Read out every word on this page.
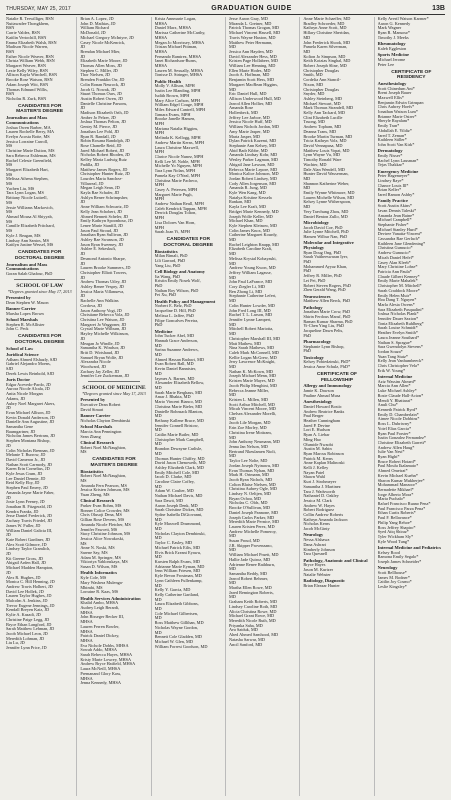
THURSDAY, MAY 25, 2017	GRADUATION GUIDE	13B
Natalie R. Terwilliger, BSN
Nuttawadee Thongkhem,
BSN
Carrie Valdez, BSN
Kaitlin Vertochill, BSN
Emma Elizabeth Walsh, BSN
Madison Nicole Warren,
BSN
Esther Nicole Weaver, BSN
Christa William Webb, BSN
Margaret Weaver, BSN
Lexie Kelly Wiley, BSN
Allison Kayla Winchell, BSN
Brooke Rose Watson, BSN
Adam Joseph Witt, BSN
Thomas Edmund Willis,
BSN
Nicholas R. Zurk, BSN
CANDIDATES FOR MASTER'S DEGREE
Journalism and Mass Communications
Joshua Owen Barber, MA
Lauren Rochelle Berry, MA
Evelyn Acosta Botte, MS
Jessica Lorraine Carroll,
MS
Christine Marie Dutton, MS
Sara Rebecca Eshleman, MS
Rachel Celeste Greenfield,
MS
Margaret Elizabeth Hart,
MS
Melissa Athena Stephen,
MS
Yuchen Liu, MS
Tara Lynn Logan, MS
Brittany Nicole Luttrell,
MS
Jessie Williams Markovich,
MS
Ahmad Mousa Al Shiyyab,
MS
Camille Elizabeth Pritchard,
MS
Kyle J. Reagan, MS
Lindsay Ann Santos, MS
Kaitlyn Justine Wessel, MS
CANDIDATES FOR DOCTORAL DEGREE
Journalism and Mass Communications
Goran Salah Ghafour, PhD
SCHOOL OF LAW
*Degrees granted since May 17, 2013
Presented by
Dean Stephen W. Mason
Banner Carrier
Marsha Lopex Brown
School Marshals
Stephen R. McAllister
John C. Peck
CANDIDATES FOR DOCTORAL DEGREE
School of Law
Juridical Science
Adham Ahmed Elshazly, SJD
Gabriel Alejandro Moens,
SJD
Derek Lewis Reinbold, SJD
Juris Doctor
Edgar Acevedo-Pardo, JD
Aurora Nicole Alcala, JD
Anita Nicole Morgan
Adams, JD
Aubry Noel Margaret Akers,
JD
Evan Michael Allison, JD
Kevin Donald Anderson, JD
Danielle Ann Augustine, JD
Samantha Gene
Baumgartner, JD
Nicholas James Bertram, JD
Stephen Montana Bishop,
JD
Colin Nicholas Brennan, JD
Melanie T. Burrow, JD
David Cameron Jr., JD
Nathan Scott Carmody, JD
Karen Erin Cornelius, JD
Kyle Jesus Crum, JD
Lee Daniel Dennie, JD
Reid Kelly Eby, JD
Stephen Paul Emery, JD
Amanda Jayne Marie Faber,
JD
Josie Lynn Feeney, JD
Jonathan B. Fitzgerald, JD
Kendra Franks, JD
Jesse Daniel Frederick, JD
Zachary Travis Friedel, JD
James W. Fuller, JD
William Daniel Galicia III,
JD
Kate Robert Gardiner, JD
Alex Scott Gilmore, JD
Lindsey Taylor Gramlich,
JD
Kit Greene Gross, JD
Abigail Arden Hall, JD
Michael Madden Hampton,
JD
Alex R. Hughes, JD
Monica C. Hill Henning, JD
Andrew Travis Holbert, JD
David Lee Hollek, JD
Lauren Taylor Hughes, JD
Malcolm A. Jenkins, JD
Trevor Eugene Jennings, JD
Kendall Breyen Kaiz, JD
Kylie A. Kazadi, JD
Christine Paige Legg, JD
Bryce Ethan Langford, JD
Sarah Matthew Lehman, JD
Jacob Michael Leon, JD
Meredith Lohman, JD
Liu Lu, JD
Jennifer Lynn Price, JD
Brian A. Lopez, JD
John D. Mathias, JD
William Richard
McDonald, JD
Michael Gregory McIntyre, JD
Casey Nicole McKenrick,
JD
Brendan Michael Mier,
JD
Elizabeth Marie Moore, JD
Thomas Allen Moss, JD
Stephen C. Miller, JD
Thor Nielsen, JD
Brenden Franklin Orr, JD
Colin Ronan Neurock, JD
Jacob G. Nowak, JD
Stuart Thomas Ours, JD
Austin Robert Owen, JD
Danielle Christine Parsons,
JD
Madison Elizabeth Orth, JD
Amber Jo Pelzer, JD
Joshua Thomas Pelton, JD
Gentry M. Pierce, JD
Jonathan Lee Pohl, JD
Ryan R. Randall, JD
Robin Roxana Randolph, JD
Rose Chanelle Reid, JD
Jared Michael Robert, JD
Nicholas Robert Rhoden, JD
Kelley Maria Ludwig Ruiz
Padilla, JD
Matthew James Rogers, JD
Christopher Hunter Ruiz, JD
Lourdes Maria Sanchez-
Villarreal, JD
Megan Leigh Sean, JD
Kayla Rae Schafer, JD
Ashlyn Renee Schrimpsher,
JD
Anne William Schwartz, JD
Kelly Jean Schobert, JD
Ahmed Bennett Scheler, JD
Emily Kathryn Spoonhour, JD
Lenee Marie Stanfill, JD
Jason Paul Stroud, JD
Jonathan Ryan Sullivan, JD
Ashley Rae Swanson, JD
Jason Ryan Sweeney, JD
Ashlee E. Sekeskuft,
JD
Desmond Antonio Sharpe,
JD
Lauren Brooke Summers, JD
Christopher Elliott Towers,
JD
Andrew Thomas Utley, JD
Ashley Renee Vespry, JD
Jessica Maria Villanueva,
JD
Rachelle Ann Walkins
Cordova, JD
Jason Anthony Vogt, JD
Christiane Rebecca Vola, JD
Christina Lee Watson, JD
Margaret Jo Waggoner, JD
Crystal Marie Wilburn, JD
Hayley Michelle Wilkinson,
JD
Meagan Jo Windle, JD
Samantha K. Windsor, JD
Britt D. Wirtshaud, JD
Samuel Bryan Wolfe, JD
Alexandra Nicole
Woodward, JD
Zachary Jay Zeller, JD
Jennifer Lee Zuckerman, JD
SCHOOL OF MEDICINE
*Degrees granted since May 17, 2013
Presented by
Executive Dean Robert
David Simari
Banner Carrier
Nicholas Clayton Dembinski
School Marshals
Marcia Ann Pennington
Sean Zhang
Clinical Research
Robert Noel McNaughton,
MS
CANDIDATES FOR MASTER'S DEGREE
Biostatistics
Robert Noel McNaughton,
MS
Amanda Fern Pearson, MS
Jessica Kristen Johnson, MS
Yuan Zheng, MS
Clinical Research
Parker Evan Bohm, MS
Bonner Colice Crowder, MS
Chris Olusoji Dena, MS
Gillian Rose Devens, MS
Amanda Nicole Fletcher, MS
Jennifer Fawcett, MS
Stacy Christine Johnson, MS
Jessica Alice Nowakoski,
MS
Anne N. Noski, MS
Sarene Say, MS
Adam M. Springer, MS
Viktoriya Yablonskaya, MS
Susan D. Wilson, MS
Health Informatics
Kyle Cole, MS
Mary Washera Mulenga-
Mbimbi, MS
Lorraine R. Kaas, MS
Health Services Administration
Khalid Ambo, MHSA
Audrey Leigh Berardi,
MHSA
John Bisseger Becker III,
MHSA
Lauren Ferren Bowler,
MHSA
Patrick Daniel Dickey,
MHSA
Eva Nichole Dobbs, MHSA
Sowah Addo, MHSA
Sarah Rebecca Hayes, MHSA
Kristy Marie Lowrey, MHSA
Andrew Bryce Hatfield, MHSA
Laura McNeill, MHSA
Premanand Glory Kass,
MHSA
Jenna Kennedy, MHSA
Krista Annmarie Logan,
MHSA
Daniel Marx, MHSA
Marissa Catherine McCarthy,
MHSA
Megan Jo Morrissey, MHSA
Tristan Michael Pittman,
MHSA
Fernando Ramirez, MHSA
Janet Richardson-Burns,
MHSA
Lauren M. Sexually, MHSA
Tonisse D. Stringer, MHSA
Public Health
Molly V. Allison, MPH
Justin Lee Blanding, MPH
Judith Brown, MPH
Mary Alice Carlson, MPH
William Edgel Couge, MPH
Miles Edward Cantrell, MPH
Tamara Evans, MPH
Brooke Janelle Hansen,
MPH
Mariana Natalia Higgins,
MPH
Melinda K. Kellogg, MPH
Andrew Martin Kerns, MPH
Laura Christine Maxwell,
MPH
Clarice Nicole Nunez, MPH
Kelli Lee M. Noble, MPH
Michelle Yo Nguyen, MPH
Tara Lynn Nolan, MPH
Pamela Kay O'Neal, MPH
Christina Marie Pacheco,
MPH
Casey A. Petersen, MPH
Margaret Marie Pugh,
MPH
Andrew Nathan Reull, MPH
Caleb Kendrick Tappan, MPH
Derrick Douglas Tolton,
MPH
Lisa Dolores Van Horn,
MPH
Sarah Joan Yi, MPH
CANDIDATES FOR DOCTORAL DEGREE
Biostatistics
Milan Bimali, PhD
Lili Garrard, PhD
Yang Liu, PhD
Cell Biology and Anatomy
Jia Wang, PhD
Kristin Emily Nosek Wolf,
PhD
Nathan Roy Wilson, PhD
Fei Xu, PhD
Health Policy and Management
Norbert E. Belz, PhD
Jacqueline D. Hill, PhD
Melissa L. Jaffee, PhD
Filipe Goncalves Pereira,
PhD
Medicine
John Tucker Abel, MD
Hannah Grace Anderson,
MD
Sarina Suzanne Andrews,
MD
Ahmed Hassan Badawi, MD
Evan Robert Ball, MD
Kevin Daniel Bannister,
MD
Jaymes A. Barnes, MD
Alexander Elizabeth Bellow,
MD
Sarah Marie Berghaus, MD
Amar J. Bhakta, MD
Mario Vincent Bianco, MD
Christina Marie Bieler, MD
Danielle Bohnsack Blanton,
MD
Bethany Kallene Bruce, MD
Jennifer Connell Bristow,
MD
Caitlin Marie Butler, MD
Christopher Mark Campbell,
MD
Brandon Dewayne Carlisle,
MD
Thomas Hunter Chiffey, MD
David Jason Chenoweth, MD
Ashley Elizabeth Clark, MD
Emily Mitchell Cole, MD
Jacob D. Clarke, MD
Caroline Claire Coffey,
MD
Adam W. Coulter, MD
Nathan Michael Davis, MD
Sara Dawit, MD
Aaron Joseph Denk, MD
Sarah Christine Dickes, MD
Sydne Isabella DiGiovanni,
MD
Kyle Maxwell Drummond,
MD
Nicholas Clayton Dembinski,
MD
Taylor C. Easley, MD
Michael Patrick Eilts, MD
Elvis Brick Ezeani Eyawu,
MD
Karsten Ralph Evans, MD
Adrianne Marie Eyman, MD
Jenn William Friesen, MD
Kyle Bevon Frostman, MD
Lynn Cathleen Fullenkamp,
MD
Kelly Y. Garcia, MD
Kelly Catherine Gartland,
MD
Laura Elizabeth Gibbons,
MD
Cole Michael Gilbertsen,
MD
Ross Matthew Gillihan, MD
Nicholas Wayne Gordon,
MD
Bennett Cole Gladden, MD
Michael W. Glen, MD
William Forrest Goodson, MD
Jesse Aaron Gray, MD
Miranda L. Greiner, MD
Patrick Thomas Grogan, MD
Michael Vincent Hassell, MD
Travis Wayne Haxton, MD
Matthew Peter Hermann,
MD
Jessica Ann Hayden, MD
David Alexander Hess, MD
Kristen Page Hollabeer, MD
William Lee Henning, MD
Ellen Marie Hodes, MD
Jacob A. Hoffman, MD
Benjamin Scott Hess, MD
Margaret MacBean Higgins,
MD
Eric Daniel Hull, MD
Allison Underwood Hull, MD
Jarrod Allen Hollier, MD
Amanda Rose
Hollenbeck, MD
Jeffrey Lee Jarboe, MD
Jessica Nicole Huff, MD
William Nichols Jordan, MD
Amy Marie Jasper, MD
Maria Jasper, MD
Dylan Patrick Kazemi, MD
Stephanie Ann Kelsey, MD
Abid Badr Kibbe, MD
Amanda Lindsay Kohr, MD
Wesley Parker Lagman, MD
Abigail Jane Lawson, MD
Rebecca Marie Lepore, MD
Monica Kalice Johnson, MD
Jordan Robert Lindsey, MD
Cody Allen Jorgenson, MD
Amanda R. Jung, MD
Kyle Wen Kang, MD
Natalya Kristine Kessela
Rankan, MD
Kayla Lee Kraft, MD
Bridget Marie Kennedy, MD
Joseph Wolfe Keller, MD
Michael Khan, MD
Kyle Stephen Kleinow, MD
Colin James Knox, MD
Catherine Margaret Kourdy,
MD
Rachel Leighton Knapp, MD
Elizabeth Caroline Kraft,
MD
Melissa Krystal Kobayashi,
MD
Andrew Young Kwon, MD
Jeffrey William Lagasse,
MD
John Paul LaFrance, MD
Cory Ziegler Li, MD
Ben Zhong Li, MD
Stephanie Catherine Lefert,
MD
Colin Hunter Lowder, MD
John Fred Long III, MD
Rachel T. L. Larson, MD
Jennifer Lynne Lampert,
MD
Mitchell Robert Mariotta,
MD
Christopher Marshall III, MD
Matt Mathew, MD
Nina Sarah Mathews, MD
Caleb Mark McConnell, MD
Kellie Logan McGrew, MD
Jerry Lawrence McKnight,
MD
Nathan K. McKown, MD
Joseph Michael Menn, MD
Kristen Marie Mayes, MD
Jacob Philip Menghini, MD
Rebecca Jeanne Miller,
MD
Kristen L. Millen, MD
Scott Arthur Mitchell, MD
Micah Vincent Moore, MD
Chelsea Alexander Morelli,
MD
Jacob Lile Morgan, MD
Erin Zoe Morley, MD
Christina Irene Mottram,
MD
John Anthony Neumann, MD
Jenna Jan Nelson, MD
Bertrand Nkeulamen Ntoli,
MD
Taylor Lee Nolte, MD
Jordan Joseph Nyinawu, MD
Evan Thomas Nyhan, MD
Mark H. Ortmann, MD
Jacob Ryan Nichols, MD
Colton Blaise Nielsen, MD
Christina Aubrey Ogle, MD
Lindsey N. Oeltjen, MD
Bryan Ochoa, MD
Nicholas C. Olds, MD
Brooke O'Sullivan, MD
Daniel Joseph Pannone, MD
Joseph Carlos Parker, MD
Meredith Marie Pernice, MD
Lauren Kristen Perez, MD
Andrew Michelle Pomeroy,
MD
Susan Proud, MD
J.R. Skipper Provenzano,
MD
William Michael Pruett, MD
Hallie Jade Quiroz, MD
Adrienne Renee Rathburn,
MD
Samantha Reddy, MD
Jarrod Robert Rehmer,
MD
Martha Ellen Rowe, MD
Jared Remington Roberts,
MD
Graham Keith Roberts, MD
Lindsey Caroline Roth, MD
Alicia Christina Rowe, MD
Michael Grant Rowe, MD
Meredith Nicole Ruth, MD
Priyanka Saha, MD
Ava Saiduk, MD
Ahed Ahmed Samhood, MD
Natasha Sarwar, MD
Ancil Sanford, MD
Anne Marie Schaeffer, MD
Bradley Schroeder, MD
Kathryn Anne Scott, MD
Hillary Christine Sheridan,
MD
John Frederick Shook, MD
Pamela Karen Silverman,
MD
Kolton Jo Simpson, MD
Keith Kotzias Singhal, MD
Robert Joseph Sline, MD
Christopher Douglas
Smith, MD
Cordelia Ann Stancil-
Nixon, MD
Christopher Douglas
Snyder, MD
Ashley Steinberg, MD
Michael Stewart, MD
Mark Thomas Strandell, MD
Kelly Ann Tackard, MD
Clint Elizabeth Lucille
Truong, MD
Andrew Topham, MD
Deanna Trans, MD
Brooke Martin Turman, MD
Tricia Kathryn Volz, MD
David Vennapusa, MD
Matthew Louis Vopat, MD
Lynn Wayne Vu, MD
Timothy Ronald Ware
Wachter, MD
Dale Alan Wendell, MD
Hunter David Wasserman,
MD
Shannon Katherine Weber,
MD
Emily Wynne Whitmore, MD
Lauren Michelle Wilson, MD
Kelsey Lynne Witherspoon,
MD
Yery Taechung Zhou, MD
Daniel Benton Zullo, MD
Microbiology
Jacob David Coe, PhD
Julie Lynne Mitchell, PhD
Hansen Wilbur Nan, PhD
Molecular and Integrative Physiology
Ryan Doug Ong, PhD
Sarah Vaitheeswaran Iyer,
PhD
Mohammed Ayyaz Khan,
PhD
Jeffrey R. Miller, PhD
Lei Pei, PhD
Robert Steven Rogers, PhD
Zhen Gerald Wang, PhD
Neurosciences
Matthew Allen Berck, PhD
Pathology
Jonathan Marie Crow, PhD
Shirin Ferdous Maruf, PhD
Raman Kumar Sharma, PhD
Yi-Chen Ying Liu, PhD
Jacqueline Dawn Pelts,
PhD
Pharmacology
Stephanie Lynn Bishop,
PhD
Toxicology
Kelsey Pobiedzinski, PhD*
Jessica Anne Schulz, PhD*
CERTIFICATE OF FELLOWSHIP
Allergy and Immunology
Jamie K. Dawson
Pauline Ahmad Musa
Anesthesiology
Daniel Howard Bostic
Andrew Beatrice Banks
Paul Berger
Heather Cunningham
Jared P. Devine
Lori E. Hudson
Ryan A. Liebar
Ming Hao
Olumide Nwaobi
Austin M. Sabin
Ryan Marcus Robinson
Patrick M. Kerns
Anne Kaplan Malinoski
Kelli J. Kelley
Nayan Patel
Shawn Wahl
Kurt J. Strohmeyer
Samantha J. Martinez
Tara J. Wadsworth
Nathaniel D. Oakley
Jessica M. Clark
Andrew W. Hayes
Robert Rodriguez
Collin Andrew Roberts
Kathryn Amanda Jackson
Nicholas Kerns
Jacob McGinty
Neurology
Nessa Alshawa
Dana Ashrari
Kimberly Johnson
Tara Quesnell
Pathology, Anatomic and Clinical
Bryce Hayes
Jason M. Kurtzer
Natalie Webster
Radiology, Diagnostic
Brian Eleazar Hunter
Kelly Averil Watson Karmer*
Aaron G. Kennedy
Mark Wagner
Ryan R. Mansour*
Timothy J. Meeks
Rheumatology
Kaleb Eggleston
Sports Medicine
Michael Jerome
Peter Lee
CERTIFICATE OF RESIDENCY
Anesthesiology
Scott Chinedum Ani*
Brent Joseph Bauer
Maxwell Ellis*
Benjamin Edwin Grinspan
Chris Aubrey Hoefs*
Jonathan Watson Lum*
Brianne Marie Ostrer*
Sheryle Rayalam*
Emily Tran*
Abdullah E. Yildiz*
Jared T. Zeman*
Kathleen Stiller*
John Scott Van Kirk*
Dermatology
Emily Nisser*
Rachel Lynn Lausman*
Tejas Thakkar*
Emergency Medicine
Peter Hagemeyer*
Lindsey Raye*
Chance Louis Ill*
Brian Keller*
Jared Ramon Ashby*
Family Practice
Scott Austin Akins*
Javan Dennis Taleski*
Amanda Jean Baine*
Michael Campbell*
Stephanie Fisher*
Michael Stanley Hurd*
Deviree Vanatta-Vincent*
Cassandra Rae Gerlach*
Kathleen Jane Glendening*
Christina Gumucio*
Andrew Gumucio*
Micah Daniel Hefel*
Casey Alan Kleeb*
Mary Christine Lohse*
Patricia Ann Paula*
Claude Gilbert Kenney*
Emily Marie Mahalek*
Christopher M. Mitchell*
Sarah Craddock Moore*
Emily Helen Muir*
Hoa Dang T. Nguyen*
Marla Alesia Owens*
Sara Elizabeth Pasqualini*
Joshua Nicholas Plank*
Jennifer Dauer Saxton*
Tonia Elizabeth Ruhlberg*
Sarah Louise Schmidt*
Heather Evelyn Smith*
Laura Jeanne Southard*
Nathan S. Sprague*
Sara Gwendolyn Stevens*
Jordan Souza*
Yuan Tang Stutz*
Kelly Jean Vanhumbeeck*
Chris Christopher Vela*
Erik W. Young*
Internal Medicine
Aziz Wassim Ahmed*
Marcia Ann Allen*
Luke Michael Ashley*
Rosie Claude Hall-Acton*
Mendi Y. Bhattarai*
Anuli Chu*
Kenneth Patrick Byrd*
Emily D. Chamberlain*
Aimee Nicole Dobbins*
Ross L. Dubriwny*
Yoiel Elias Garcia*
Ryan Paul Forster*
Justin Gonzalez Fernandez*
Christine Elizabeth Garrett*
Andrew Allen Haug*
Julie Van Nest*
Ryan Hight*
Bruce Robert Hotard*
Paul Moulu Ikalamato*
Ahmed Omeirat*
Kevin Michael Kuehn*
Sharon Kumar Mukherjee*
Mohammad Manzoor*
Bernadette Mikhael*
Jorge Alberto Mora*
Maria Puchalo*
Rafael Francisco Ruano Pena*
Paul Francisco Parza Pena*
Ethan Curtis Roberts*
Paul F. Bellavance*
Philip Yang Rehoe*
Ross Jeffrey Shapiro*
Syed Atiq Shiraz*
Tyler Wickham Sly*
Kyle Wood Tung*
Internal Medicine and Pediatrics
Kelsey Rood
Ramona Emily Segalo*
Joseph James Schneider*
Neurology
Scott Bellhouse*
James M. Bodner*
Caitlin Joy Cosmo*
Leslie Kingsley*
